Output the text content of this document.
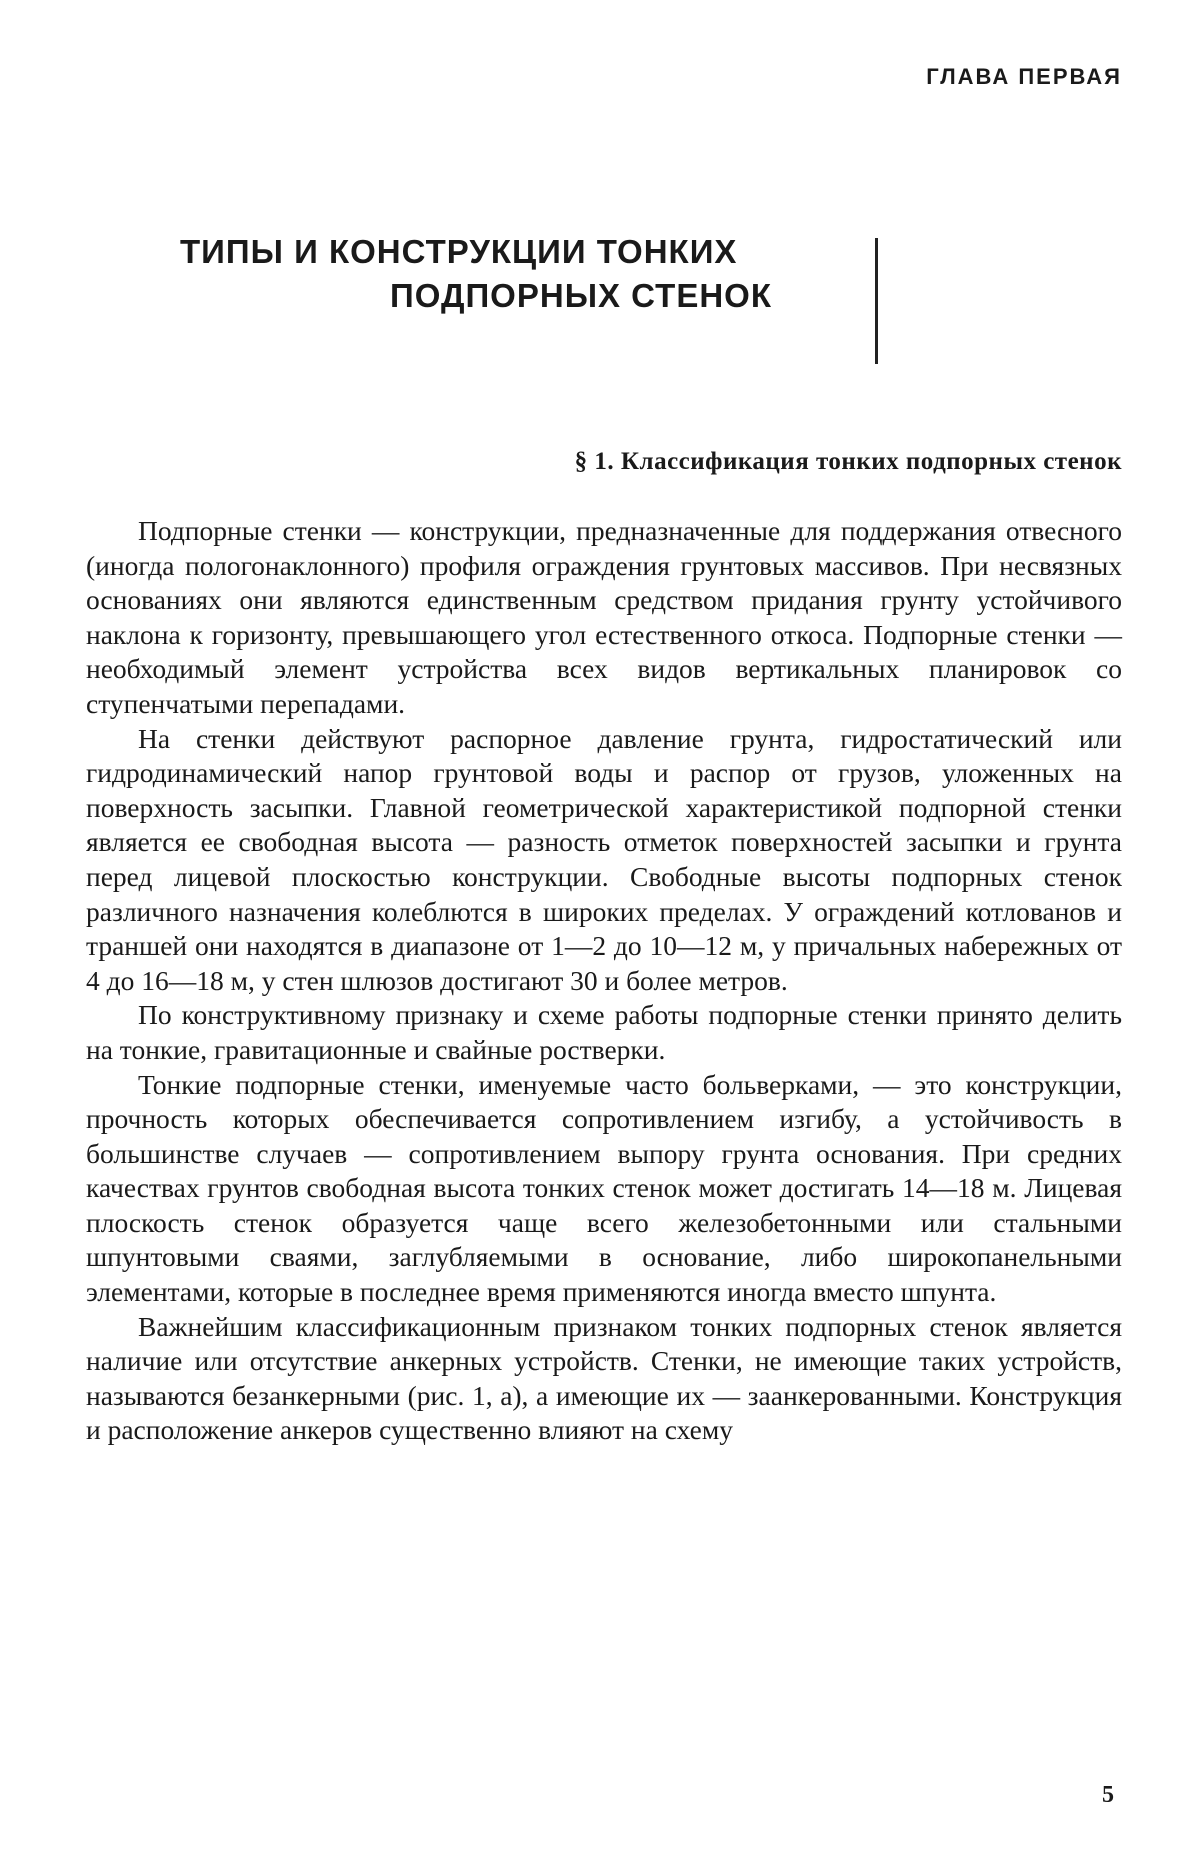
ГЛАВА ПЕРВАЯ
ТИПЫ И КОНСТРУКЦИИ ТОНКИХ
ПОДПОРНЫХ СТЕНОК
§ 1. Классификация тонких подпорных стенок

Подпорные стенки — конструкции, предназначенные для поддержания отвесного (иногда пологонаклонного) профиля ограждения грунтовых массивов. При несвязных основаниях они являются единственным средством придания грунту устойчивого наклона к горизонту, превышающего угол естественного откоса. Подпорные стенки — необходимый элемент устройства всех видов вертикальных планировок со ступенчатыми перепадами.

На стенки действуют распорное давление грунта, гидростатический или гидродинамический напор грунтовой воды и распор от грузов, уложенных на поверхность засыпки. Главной геометрической характеристикой подпорной стенки является ее свободная высота — разность отметок поверхностей засыпки и грунта перед лицевой плоскостью конструкции. Свободные высоты подпорных стенок различного назначения колеблются в широких пределах. У ограждений котлованов и траншей они находятся в диапазоне от 1—2 до 10—12 м, у причальных набережных от 4 до 16—18 м, у стен шлюзов достигают 30 и более метров.

По конструктивному признаку и схеме работы подпорные стенки принято делить на тонкие, гравитационные и свайные ростверки.

Тонкие подпорные стенки, именуемые часто больверками, — это конструкции, прочность которых обеспечивается сопротивлением изгибу, а устойчивость в большинстве случаев — сопротивлением выпору грунта основания. При средних качествах грунтов свободная высота тонких стенок может достигать 14—18 м. Лицевая плоскость стенок образуется чаще всего железобетонными или стальными шпунтовыми сваями, заглубляемыми в основание, либо широкопанельными элементами, которые в последнее время применяются иногда вместо шпунта.

Важнейшим классификационным признаком тонких подпорных стенок является наличие или отсутствие анкерных устройств. Стенки, не имеющие таких устройств, называются безанкерными (рис. 1, а), а имеющие их — заанкерованными. Конструкция и расположение анкеров существенно влияют на схему

5
